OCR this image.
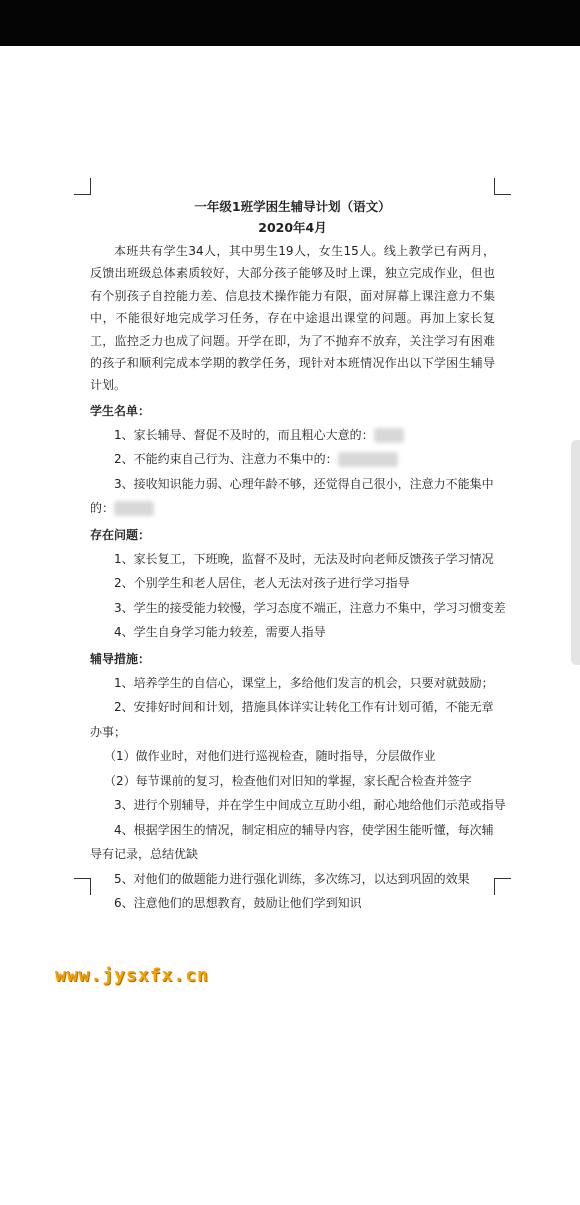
一年级1班学困生辅导计划（语文）
2020年4月

本班共有学生34人，其中男生19人，女生15人。线上教学已有两月，反馈出班级总体素质较好，大部分孩子能够及时上课，独立完成作业，但也有个别孩子自控能力差、信息技术操作能力有限，面对屏幕上课注意力不集中，不能很好地完成学习任务，存在中途退出课堂的问题。再加上家长复工，监控乏力也成了问题。开学在即，为了不抛弃不放弃，关注学习有困难的孩子和顺利完成本学期的教学任务，现针对本班情况作出以下学困生辅导计划。

学生名单：

1、家长辅导、督促不及时的，而且粗心大意的：

2、不能约束自己行为、注意力不集中的：

3、接收知识能力弱、心理年龄不够，还觉得自己很小，注意力不能集中的：

存在问题：

1、家长复工，下班晚，监督不及时，无法及时向老师反馈孩子学习情况

2、个别学生和老人居住，老人无法对孩子进行学习指导

3、学生的接受能力较慢，学习态度不端正，注意力不集中，学习习惯变差

4、学生自身学习能力较差，需要人指导

辅导措施：

1、培养学生的自信心，课堂上，多给他们发言的机会，只要对就鼓励；

2、安排好时间和计划，措施具体详实让转化工作有计划可循，不能无章办事；

（1）做作业时，对他们进行巡视检查，随时指导，分层做作业

（2）每节课前的复习，检查他们对旧知的掌握，家长配合检查并签字

3、进行个别辅导，并在学生中间成立互助小组，耐心地给他们示范或指导

4、根据学困生的情况，制定相应的辅导内容，使学困生能听懂，每次辅导有记录，总结优缺

5、对他们的做题能力进行强化训练，多次练习，以达到巩固的效果

6、注意他们的思想教育，鼓励让他们学到知识

www.jysxfx.cn
